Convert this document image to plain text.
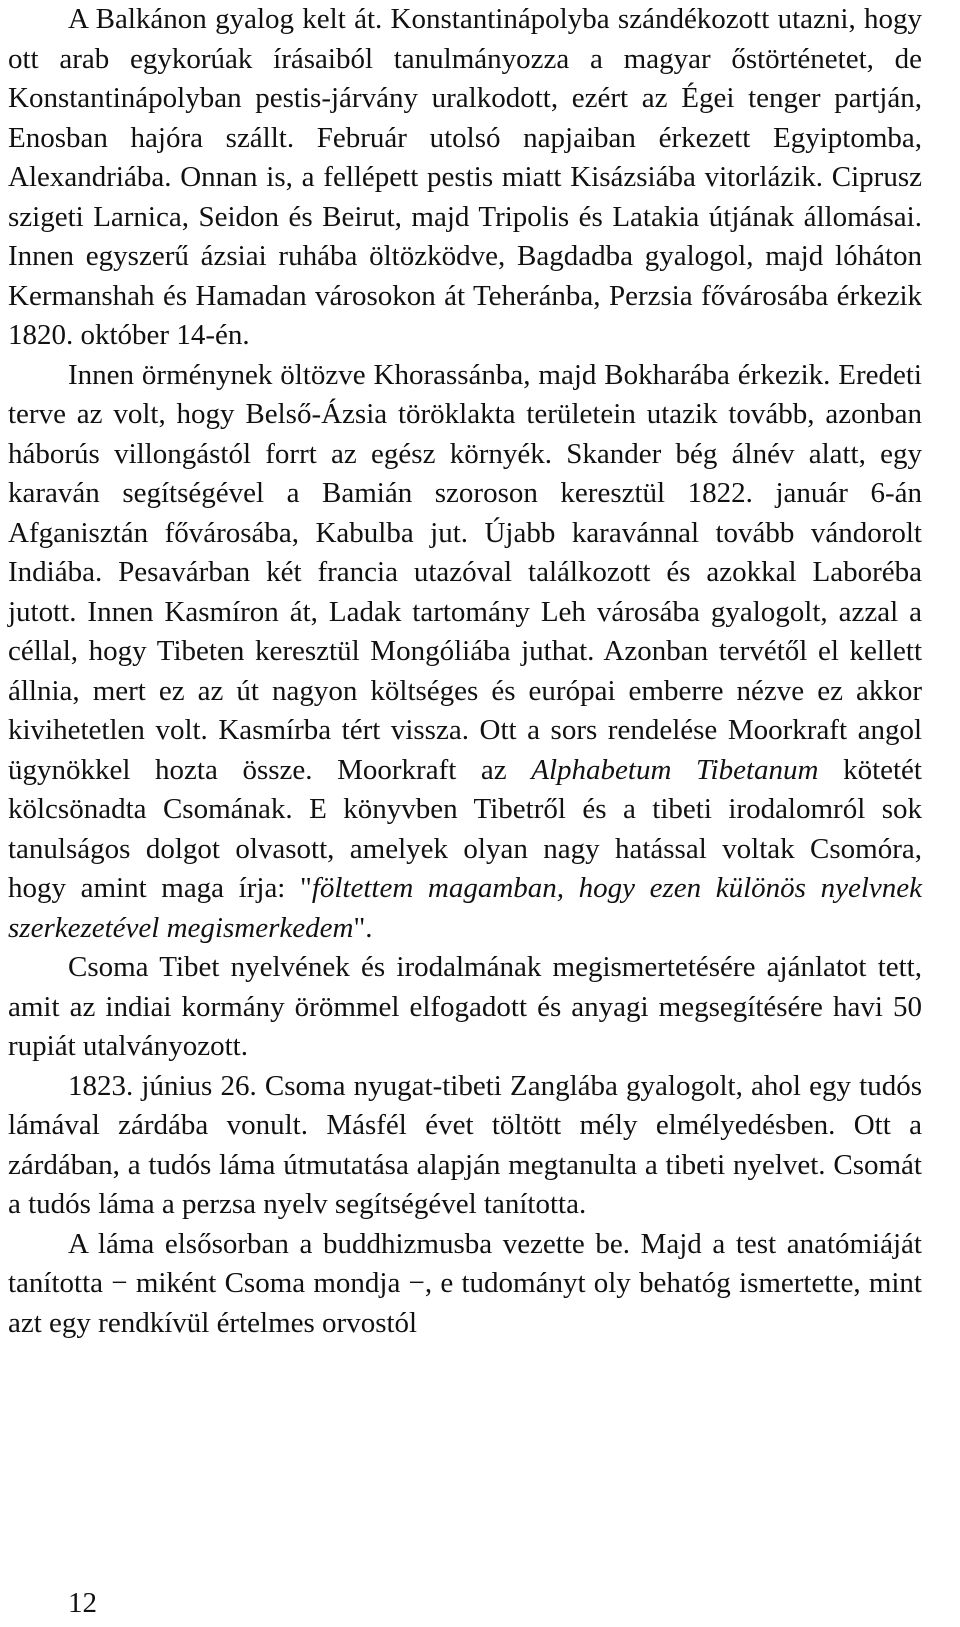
A Balkánon gyalog kelt át. Konstantinápolyba szándékozott utazni, hogy ott arab egykorúak írásaiból tanulmányozza a magyar őstörténetet, de Konstantinápolyban pestis-járvány uralkodott, ezért az Égei tenger partján, Enosban hajóra szállt. Február utolsó napjaiban érkezett Egyiptomba, Alexandriába. Onnan is, a fellépett pestis miatt Kisázsiába vitorlázik. Ciprusz szigeti Larnica, Seidon és Beirut, majd Tripolis és Latakia útjának állomásai. Innen egyszerű ázsiai ruhába öltözködve, Bagdadba gyalogol, majd lóháton Kermanshah és Hamadan városokon át Teheránba, Perzsia fővárosába érkezik 1820. október 14-én.

Innen örménynek öltözve Khorassánba, majd Bokharába érkezik. Eredeti terve az volt, hogy Belső-Ázsia töröklakta területein utazik tovább, azonban háborús villongástól forrt az egész környék. Skander bég álnév alatt, egy karaván segítségével a Bamián szoroson keresztül 1822. január 6-án Afganisztán fővárosába, Kabulba jut. Újabb karavánnal tovább vándorolt Indiába. Pesavárban két francia utazóval találkozott és azokkal Laboréba jutott. Innen Kasmíron át, Ladak tartomány Leh városába gyalogolt, azzal a céllal, hogy Tibeten keresztül Mongóliába juthat. Azonban tervétől el kellett állnia, mert ez az út nagyon költséges és európai emberre nézve ez akkor kivihetetlen volt. Kasmírba tért vissza. Ott a sors rendelése Moorkraft angol ügynökkel hozta össze. Moorkraft az Alphabetum Tibetanum kötetét kölcsönadta Csomának. E könyvben Tibetről és a tibeti irodalomról sok tanulságos dolgot olvasott, amelyek olyan nagy hatással voltak Csomóra, hogy amint maga írja: "föltettem magamban, hogy ezen különös nyelvnek szerkezetével megismerkedem".

Csoma Tibet nyelvének és irodalmának megismertetésére ajánlatot tett, amit az indiai kormány örömmel elfogadott és anyagi megsegítésére havi 50 rupiát utalványozott.

1823. június 26. Csoma nyugat-tibeti Zanglába gyalogolt, ahol egy tudós lámával zárdába vonult. Másfél évet töltött mély elmélyedésben. Ott a zárdában, a tudós láma útmutatása alapján megtanulta a tibeti nyelvet. Csomát a tudós láma a perzsa nyelv segítségével tanította.

A láma elsősorban a buddhizmusba vezette be. Majd a test anatómiáját tanította − miként Csoma mondja −, e tudományt oly behatóg ismertette, mint azt egy rendkívül értelmes orvostól

12
